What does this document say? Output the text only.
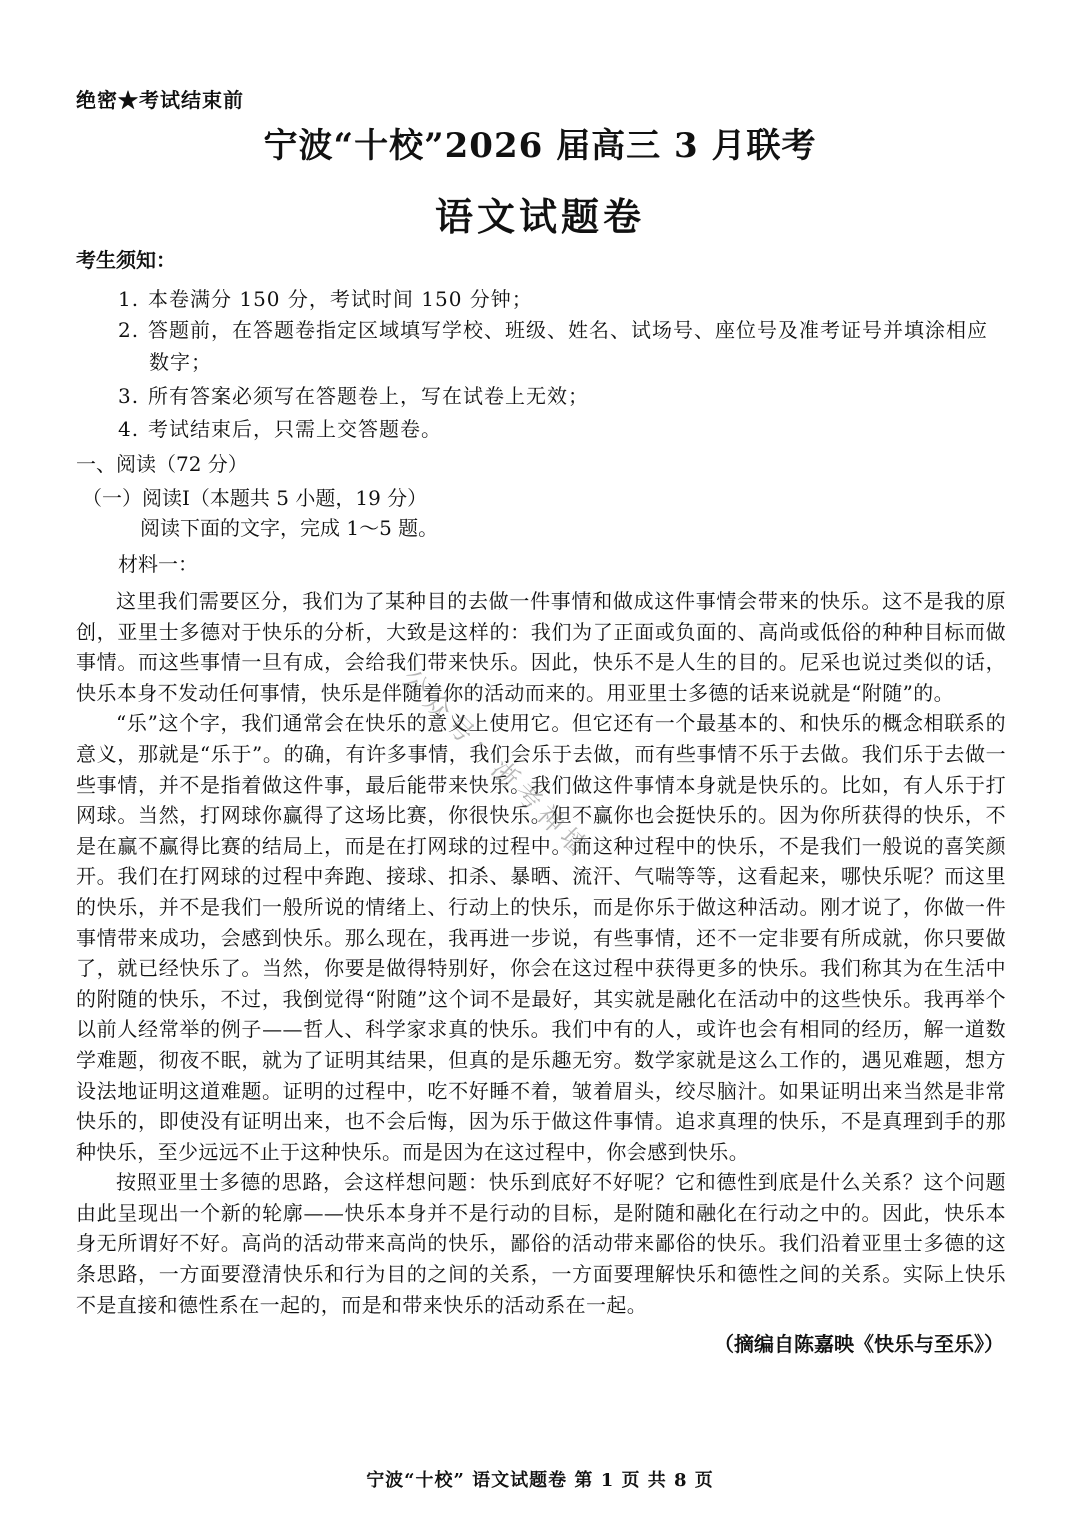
绝密★考试结束前
宁波“十校”2026 届高三 3 月联考
语文试题卷
考生须知：
1. 本卷满分 150 分，考试时间 150 分钟；
2. 答题前，在答题卷指定区域填写学校、班级、姓名、试场号、座位号及准考证号并填涂相应
数字；
3. 所有答案必须写在答题卷上，写在试卷上无效；
4. 考试结束后，只需上交答题卷。
一、阅读（72 分）
（一）阅读Ⅰ（本题共 5 小题，19 分）
阅读下面的文字，完成 1～5 题。
材料一：

这里我们需要区分，我们为了某种目的去做一件事情和做成这件事情会带来的快乐。这不是我的原创，亚里士多德对于快乐的分析，大致是这样的：我们为了正面或负面的、高尚或低俗的种种目标而做事情。而这些事情一旦有成，会给我们带来快乐。因此，快乐不是人生的目的。尼采也说过类似的话，快乐本身不发动任何事情，快乐是伴随着你的活动而来的。用亚里士多德的话来说就是“附随”的。

“乐”这个字，我们通常会在快乐的意义上使用它。但它还有一个最基本的、和快乐的概念相联系的意义，那就是“乐于”。的确，有许多事情，我们会乐于去做，而有些事情不乐于去做。我们乐于去做一些事情，并不是指着做这件事，最后能带来快乐。我们做这件事情本身就是快乐的。比如，有人乐于打网球。当然，打网球你赢得了这场比赛，你很快乐。但不赢你也会挺快乐的。因为你所获得的快乐，不是在赢不赢得比赛的结局上，而是在打网球的过程中。而这种过程中的快乐，不是我们一般说的喜笑颜开。我们在打网球的过程中奔跑、接球、扣杀、暴晒、流汗、气喘等等，这看起来，哪快乐呢？而这里的快乐，并不是我们一般所说的情绪上、行动上的快乐，而是你乐于做这种活动。刚才说了，你做一件事情带来成功，会感到快乐。那么现在，我再进一步说，有些事情，还不一定非要有所成就，你只要做了，就已经快乐了。当然，你要是做得特别好，你会在这过程中获得更多的快乐。我们称其为在生活中的附随的快乐，不过，我倒觉得“附随”这个词不是最好，其实就是融化在活动中的这些快乐。我再举个以前人经常举的例子——哲人、科学家求真的快乐。我们中有的人，或许也会有相同的经历，解一道数学难题，彻夜不眠，就为了证明其结果，但真的是乐趣无穷。数学家就是这么工作的，遇见难题，想方设法地证明这道难题。证明的过程中，吃不好睡不着，皱着眉头，绞尽脑汁。如果证明出来当然是非常快乐的，即使没有证明出来，也不会后悔，因为乐于做这件事情。追求真理的快乐，不是真理到手的那种快乐，至少远远不止于这种快乐。而是因为在这过程中，你会感到快乐。

按照亚里士多德的思路，会这样想问题：快乐到底好不好呢？它和德性到底是什么关系？这个问题由此呈现出一个新的轮廓——快乐本身并不是行动的目标，是附随和融化在行动之中的。因此，快乐本身无所谓好不好。高尚的活动带来高尚的快乐，鄙俗的活动带来鄙俗的快乐。我们沿着亚里士多德的这条思路，一方面要澄清快乐和行为目的之间的关系，一方面要理解快乐和德性之间的关系。实际上快乐不是直接和德性系在一起的，而是和带来快乐的活动系在一起。

（摘编自陈嘉映《快乐与至乐》）
公众号：浙考神墙
宁波“十校” 语文试题卷 第 1 页 共 8 页
